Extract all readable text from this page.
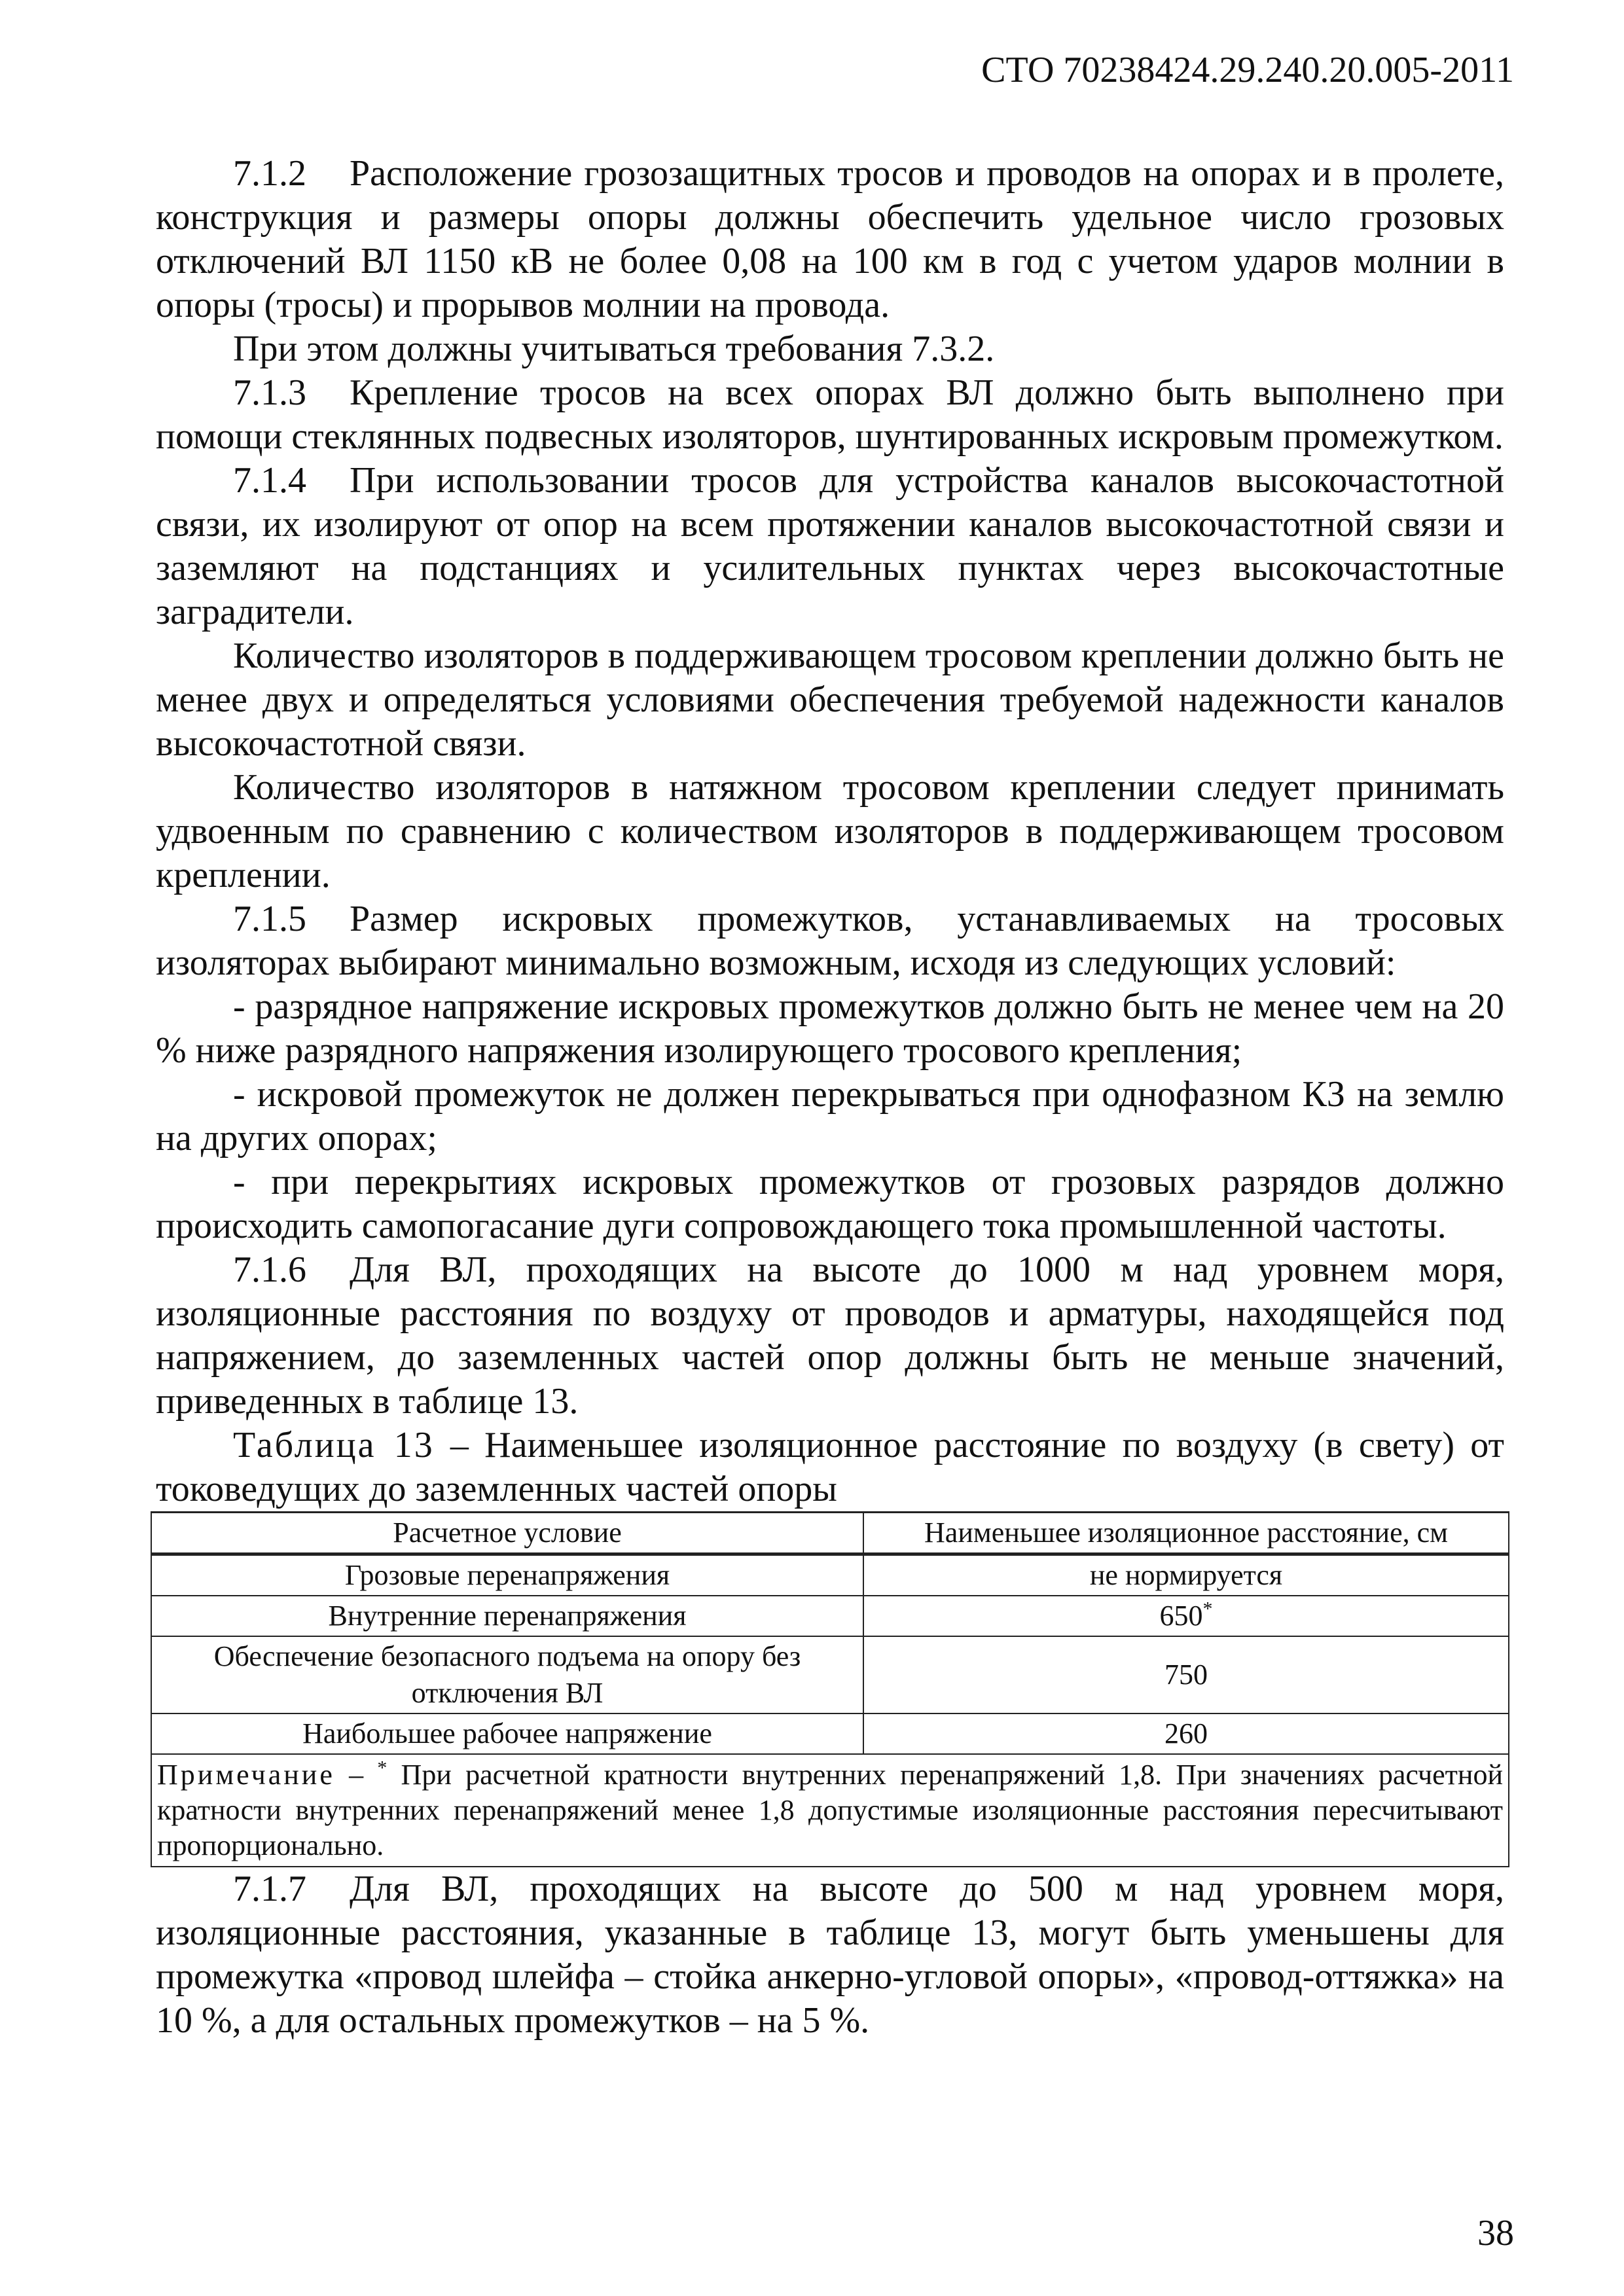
СТО 70238424.29.240.20.005-2011

7.1.2 Расположение грозозащитных тросов и проводов на опорах и в пролете, конструкция и размеры опоры должны обеспечить удельное число грозовых отключений ВЛ 1150 кВ не более 0,08 на 100 км в год с учетом ударов молнии в опоры (тросы) и прорывов молнии на провода.

При этом должны учитываться требования 7.3.2.

7.1.3 Крепление тросов на всех опорах ВЛ должно быть выполнено при помощи стеклянных подвесных изоляторов, шунтированных искровым промежутком.

7.1.4 При использовании тросов для устройства каналов высокочастотной связи, их изолируют от опор на всем протяжении каналов высокочастотной связи и заземляют на подстанциях и усилительных пунктах через высокочастотные заградители.

Количество изоляторов в поддерживающем тросовом креплении должно быть не менее двух и определяться условиями обеспечения требуемой надежности каналов высокочастотной связи.

Количество изоляторов в натяжном тросовом креплении следует принимать удвоенным по сравнению с количеством изоляторов в поддерживающем тросовом креплении.

7.1.5 Размер искровых промежутков, устанавливаемых на тросовых изоляторах выбирают минимально возможным, исходя из следующих условий:

- разрядное напряжение искровых промежутков должно быть не менее чем на 20 % ниже разрядного напряжения изолирующего тросового крепления;

- искровой промежуток не должен перекрываться при однофазном КЗ на землю на других опорах;

- при перекрытиях искровых промежутков от грозовых разрядов должно происходить самопогасание дуги сопровождающего тока промышленной частоты.

7.1.6 Для ВЛ, проходящих на высоте до 1000 м над уровнем моря, изоляционные расстояния по воздуху от проводов и арматуры, находящейся под напряжением, до заземленных частей опор должны быть не меньше значений, приведенных в таблице 13.

Таблица 13 – Наименьшее изоляционное расстояние по воздуху (в свету) от токоведущих до заземленных частей опоры

Расчетное условие	Наименьшее изоляционное расстояние, см
Грозовые перенапряжения	не нормируется
Внутренние перенапряжения	650*
Обеспечение безопасного подъема на опору без отключения ВЛ	750
Наибольшее рабочее напряжение	260
Примечание – * При расчетной кратности внутренних перенапряжений 1,8. При значениях расчетной кратности внутренних перенапряжений менее 1,8 допустимые изоляционные расстояния пересчитывают пропорционально.	

7.1.7 Для ВЛ, проходящих на высоте до 500 м над уровнем моря, изоляционные расстояния, указанные в таблице 13, могут быть уменьшены для промежутка «провод шлейфа – стойка анкерно-угловой опоры», «провод-оттяжка» на 10 %, а для остальных промежутков – на 5 %.

38
